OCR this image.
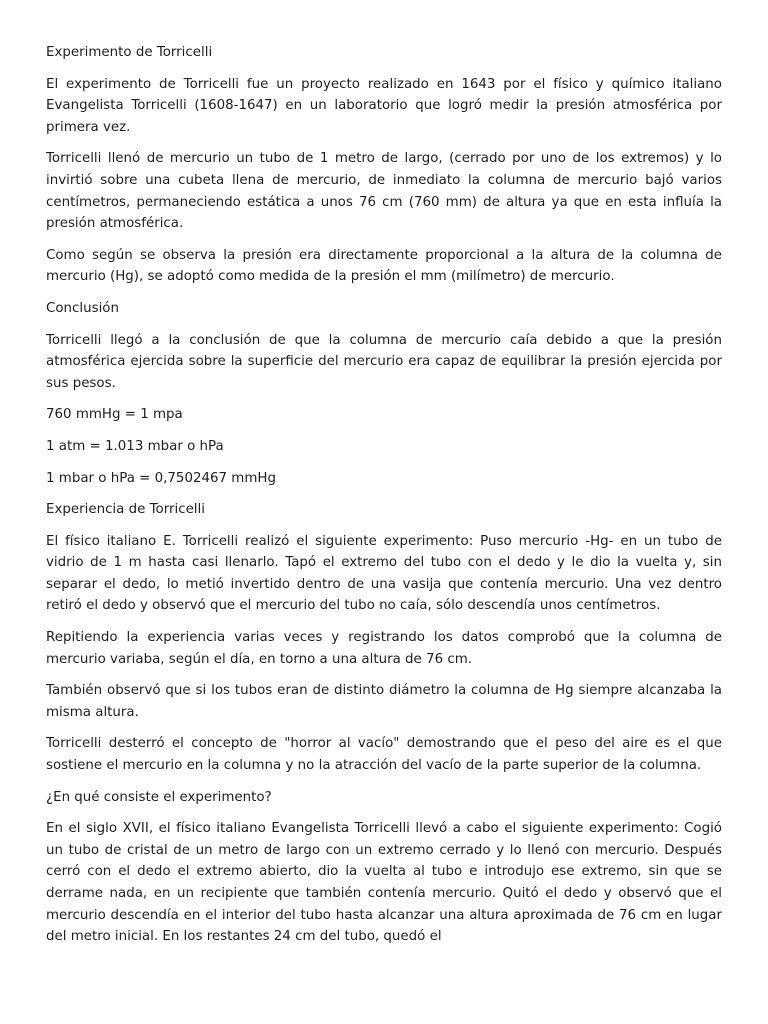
Experimento de Torricelli

El experimento de Torricelli fue un proyecto realizado en 1643 por el físico y químico italiano Evangelista Torricelli (1608-1647) en un laboratorio que logró medir la presión atmosférica por primera vez.

Torricelli llenó de mercurio un tubo de 1 metro de largo, (cerrado por uno de los extremos) y lo invirtió sobre una cubeta llena de mercurio, de inmediato la columna de mercurio bajó varios centímetros, permaneciendo estática a unos 76 cm (760 mm) de altura ya que en esta influía la presión atmosférica.

Como según se observa la presión era directamente proporcional a la altura de la columna de mercurio (Hg), se adoptó como medida de la presión el mm (milímetro) de mercurio.

Conclusión

Torricelli llegó a la conclusión de que la columna de mercurio caía debido a que la presión atmosférica ejercida sobre la superficie del mercurio era capaz de equilibrar la presión ejercida por sus pesos.

760 mmHg = 1 mpa

1 atm = 1.013 mbar o hPa

1 mbar o hPa = 0,7502467 mmHg

Experiencia de Torricelli

El físico italiano E. Torricelli realizó el siguiente experimento: Puso mercurio -Hg- en un tubo de vidrio de 1 m hasta casi llenarlo. Tapó el extremo del tubo con el dedo y le dio la vuelta y, sin separar el dedo, lo metió invertido dentro de una vasija que contenía mercurio. Una vez dentro retiró el dedo y observó que el mercurio del tubo no caía, sólo descendía unos centímetros.

Repitiendo la experiencia varias veces y registrando los datos comprobó que la columna de mercurio variaba, según el día, en torno a una altura de 76 cm.

También observó que si los tubos eran de distinto diámetro la columna de Hg siempre alcanzaba la misma altura.

Torricelli desterró el concepto de "horror al vacío" demostrando que el peso del aire es el que sostiene el mercurio en la columna y no la atracción del vacío de la parte superior de la columna.

¿En qué consiste el experimento?

En el siglo XVII, el físico italiano Evangelista Torricelli llevó a cabo el siguiente experimento: Cogió un tubo de cristal de un metro de largo con un extremo cerrado y lo llenó con mercurio. Después cerró con el dedo el extremo abierto, dio la vuelta al tubo e introdujo ese extremo, sin que se derrame nada, en un recipiente que también contenía mercurio. Quitó el dedo y observó que el mercurio descendía en el interior del tubo hasta alcanzar una altura aproximada de 76 cm en lugar del metro inicial. En los restantes 24 cm del tubo, quedó el
